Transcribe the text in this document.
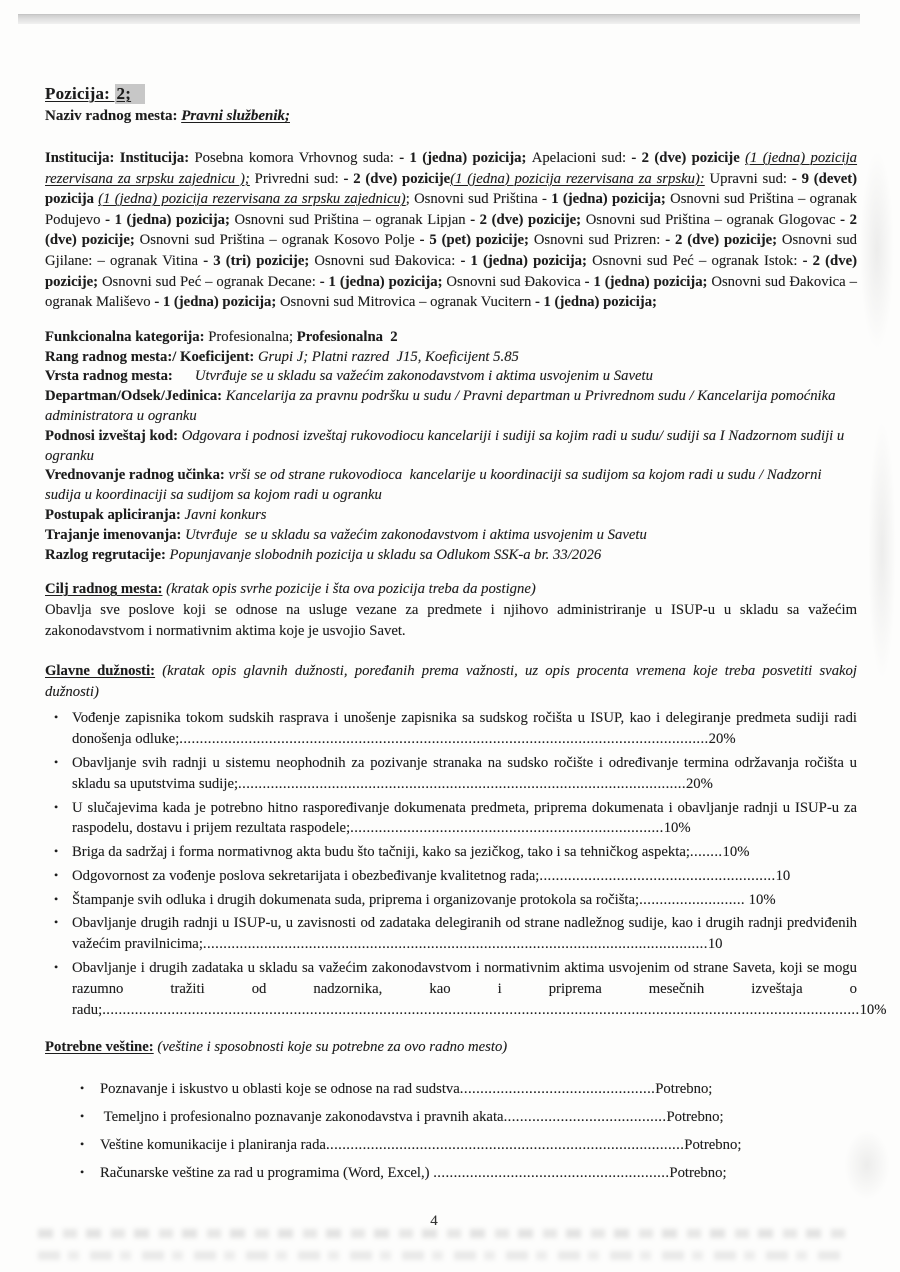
Pozicija: 2;

Naziv radnog mesta: Pravni službenik;

Institucija: Institucija: Posebna komora Vrhovnog suda: - 1 (jedna) pozicija; Apelacioni sud: - 2 (dve) pozicije (1 (jedna) pozicija rezervisana za srpsku zajednicu ); Privredni sud: - 2 (dve) pozicije(1 (jedna) pozicija rezervisana za srpsku): Upravni sud: - 9 (devet) pozicija (1 (jedna) pozicija rezervisana za srpsku zajednicu); Osnovni sud Priština - 1 (jedna) pozicija; Osnovni sud Priština – ogranak Podujevo - 1 (jedna) pozicija; Osnovni sud Priština – ogranak Lipjan - 2 (dve) pozicije; Osnovni sud Priština – ogranak Glogovac - 2 (dve) pozicije; Osnovni sud Priština – ogranak Kosovo Polje - 5 (pet) pozicije; Osnovni sud Prizren: - 2 (dve) pozicije; Osnovni sud Gjilane: – ogranak Vitina - 3 (tri) pozicije; Osnovni sud Đakovica: - 1 (jedna) pozicija; Osnovni sud Peć – ogranak Istok: - 2 (dve) pozicije; Osnovni sud Peć – ogranak Decane: - 1 (jedna) pozicija; Osnovni sud Đakovica - 1 (jedna) pozicija; Osnovni sud Đakovica – ogranak Mališevo - 1 (jedna) pozicija; Osnovni sud Mitrovica – ogranak Vucitern - 1 (jedna) pozicija;

Funkcionalna kategorija: Profesionalna; Profesionalna  2

Rang radnog mesta:/ Koeficijent: Grupi J; Platni razred  J15, Koeficijent 5.85

Vrsta radnog mesta: Utvrđuje se u skladu sa važećim zakonodavstvom i aktima usvojenim u Savetu

Departman/Odsek/Jedinica: Kancelarija za pravnu podršku u sudu / Pravni departman u Privrednom sudu / Kancelarija pomoćnika administratora u ogranku

Podnosi izveštaj kod: Odgovara i podnosi izveštaj rukovodiocu kancelariji i sudiji sa kojim radi u sudu/ sudiji sa I Nadzornom sudiji u ogranku

Vrednovanje radnog učinka: vrši se od strane rukovodioca  kancelarije u koordinaciji sa sudijom sa kojom radi u sudu / Nadzorni sudija u koordinaciji sa sudijom sa kojom radi u ogranku

Postupak apliciranja: Javni konkurs

Trajanje imenovanja: Utvrđuje  se u skladu sa važećim zakonodavstvom i aktima usvojenim u Savetu

Razlog regrutacije: Popunjavanje slobodnih pozicija u skladu sa Odlukom SSK-a br. 33/2026

Cilj radnog mesta: (kratak opis svrhe pozicije i šta ova pozicija treba da postigne)

Obavlja sve poslove koji se odnose na usluge vezane za predmete i njihovo administriranje u ISUP-u u skladu sa važećim zakonodavstvom i normativnim aktima koje je usvojio Savet.

Glavne dužnosti: (kratak opis glavnih dužnosti, poređanih prema važnosti, uz opis procenta vremena koje treba posvetiti svakoj dužnosti)

• Vođenje zapisnika tokom sudskih rasprava i unošenje zapisnika sa sudskog ročišta u ISUP, kao i delegiranje predmeta sudiji radi donošenja odluke;..................................................................................................................................20%
• Obavljanje svih radnji u sistemu neophodnih za pozivanje stranaka na sudsko ročište i određivanje termina održavanja ročišta u skladu sa uputstvima sudije;..............................................................................................................20%
• U slučajevima kada je potrebno hitno raspoređivanje dokumenata predmeta, priprema dokumenata i obavljanje radnji u ISUP-u za raspodelu, dostavu i prijem rezultata raspodele;.............................................................................10%
• Briga da sadržaj i forma normativnog akta budu što tačniji, kako sa jezičkog, tako i sa tehničkog aspekta;........10%
• Odgovornost za vođenje poslova sekretarijata i obezbeđivanje kvalitetnog rada;..........................................................10
• Štampanje svih odluka i drugih dokumenata suda, priprema i organizovanje protokola sa ročišta;.......................... 10%
• Obavljanje drugih radnji u ISUP-u, u zavisnosti od zadataka delegiranih od strane nadležnog sudije, kao i drugih radnji predviđenih važećim pravilnicima;............................................................................................................................10
• Obavljanje i drugih zadataka u skladu sa važećim zakonodavstvom i normativnim aktima usvojenim od strane Saveta, koji se mogu razumno tražiti od nadzornika, kao i priprema mesečnih izveštaja o radu;..........................................................................................................................................................................................10%

Potrebne veštine: (veštine i sposobnosti koje su potrebne za ovo radno mesto)

• Poznavanje i iskustvo u oblasti koje se odnose na rad sudstva................................................Potrebno;
• Temeljno i profesionalno poznavanje zakonodavstva i pravnih akata........................................Potrebno;
• Veštine komunikacije i planiranja rada........................................................................................Potrebno;
• Računarske veštine za rad u programima (Word, Excel,) ..........................................................Potrebno;

4
